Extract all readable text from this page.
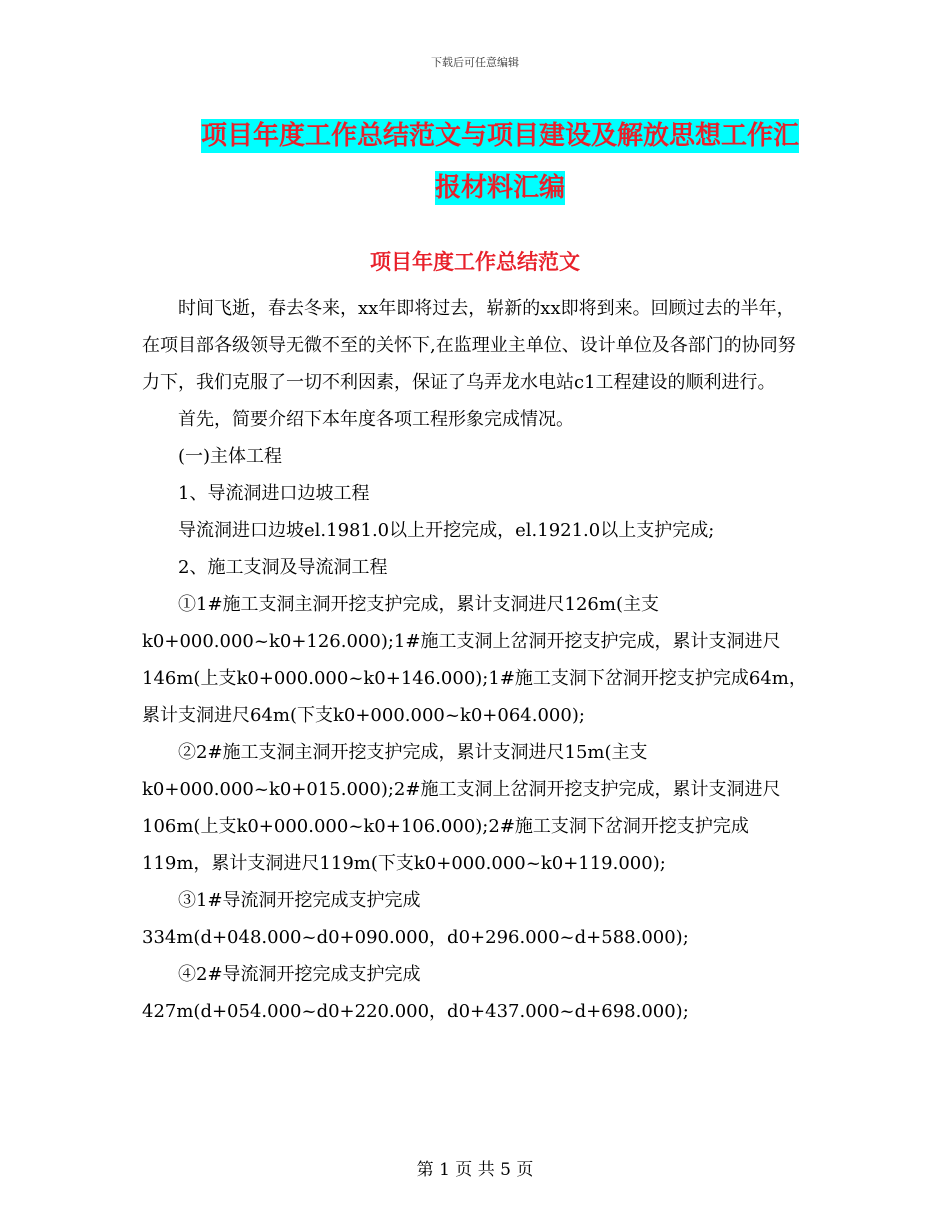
下载后可任意编辑
项目年度工作总结范文与项目建设及解放思想工作汇
报材料汇编
项目年度工作总结范文

时间飞逝，春去冬来，xx年即将过去，崭新的xx即将到来。回顾过去的半年，在项目部各级领导无微不至的关怀下,在监理业主单位、设计单位及各部门的协同努力下，我们克服了一切不利因素，保证了乌弄龙水电站c1工程建设的顺利进行。

首先，简要介绍下本年度各项工程形象完成情况。

(一)主体工程

1、导流洞进口边坡工程

导流洞进口边坡el.1981.0以上开挖完成，el.1921.0以上支护完成;

2、施工支洞及导流洞工程

①1#施工支洞主洞开挖支护完成，累计支洞进尺126m(主支k0+000.000~k0+126.000);1#施工支洞上岔洞开挖支护完成，累计支洞进尺146m(上支k0+000.000~k0+146.000);1#施工支洞下岔洞开挖支护完成64m，累计支洞进尺64m(下支k0+000.000~k0+064.000);

②2#施工支洞主洞开挖支护完成，累计支洞进尺15m(主支k0+000.000~k0+015.000);2#施工支洞上岔洞开挖支护完成，累计支洞进尺106m(上支k0+000.000~k0+106.000);2#施工支洞下岔洞开挖支护完成119m，累计支洞进尺119m(下支k0+000.000~k0+119.000);

③1#导流洞开挖完成支护完成

334m(d+048.000~d0+090.000，d0+296.000~d+588.000);

④2#导流洞开挖完成支护完成

427m(d+054.000~d0+220.000，d0+437.000~d+698.000);

第 1 页 共 5 页
